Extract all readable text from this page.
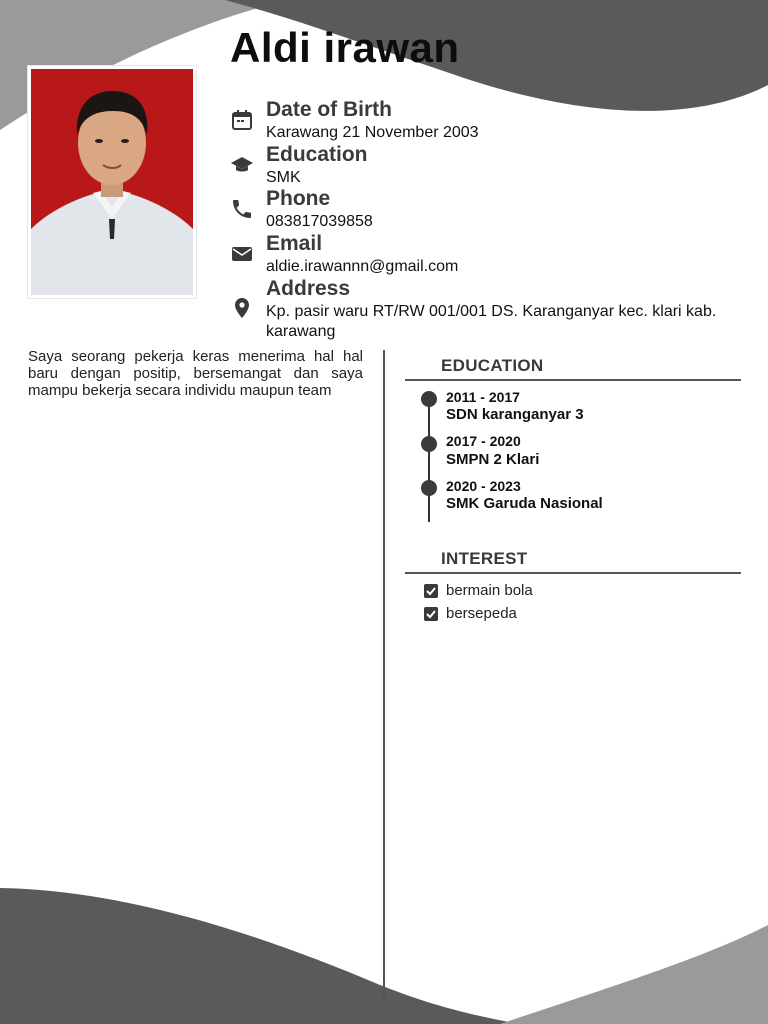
Aldi irawan
Date of Birth
Karawang 21 November 2003
Education
SMK
Phone
083817039858
Email
aldie.irawannn@gmail.com
Address
Kp. pasir waru RT/RW 001/001 DS. Karanganyar kec. klari kab. karawang
Saya seorang pekerja keras menerima hal hal baru dengan positip, bersemangat dan saya mampu bekerja secara individu maupun team
EDUCATION
2011 - 2017
SDN karanganyar 3
2017 - 2020
SMPN 2 Klari
2020 - 2023
SMK Garuda Nasional
INTEREST
bermain bola
bersepeda
